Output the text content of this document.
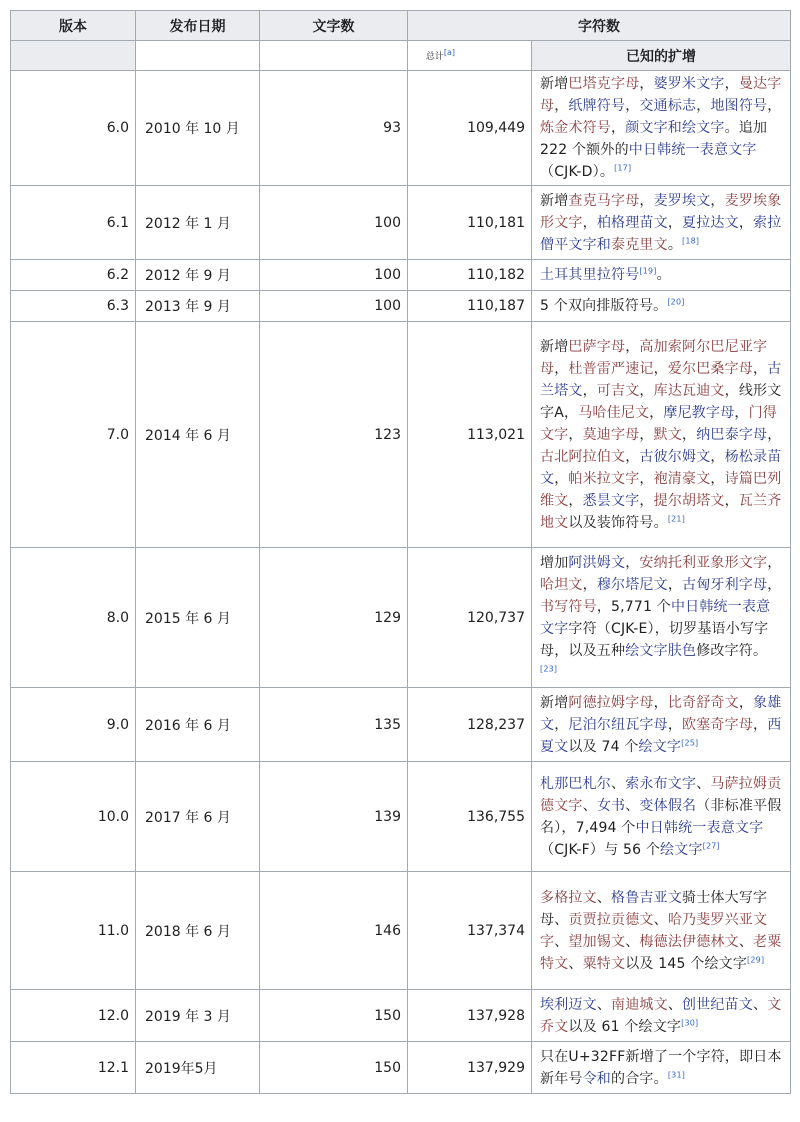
版本	发布日期	文字数	字符数	
			总计[a]	已知的扩增
6.0	2010 年 10 月	93	109,449	新增巴塔克字母，婆罗米文字，曼达字母，纸牌符号，交通标志，地图符号，炼金术符号，颜文字和绘文字。追加 222 个额外的中日韩统一表意文字（CJK-D）。[17]
6.1	2012 年 1 月	100	110,181	新增查克马字母，麦罗埃文，麦罗埃象形文字，柏格理苗文，夏拉达文，索拉僧平文字和泰克里文。[18]
6.2	2012 年 9 月	100	110,182	土耳其里拉符号[19]。
6.3	2013 年 9 月	100	110,187	5 个双向排版符号。[20]
7.0	2014 年 6 月	123	113,021	新增巴萨字母，高加索阿尔巴尼亚字母，杜普雷严速记，爱尔巴桑字母，古兰塔文，可吉文，库达瓦迪文，线形文字A，马哈佳尼文，摩尼教字母，门得文字，莫迪字母，默文，纳巴泰字母，古北阿拉伯文，古彼尔姆文，杨松录苗文，帕米拉文字，袍清豪文，诗篇巴列维文，悉昙文字，提尔胡塔文，瓦兰齐地文以及装饰符号。[21]
8.0	2015 年 6 月	129	120,737	增加阿洪姆文，安纳托利亚象形文字，哈坦文，穆尔塔尼文，古匈牙利字母，书写符号，5,771 个中日韩统一表意文字字符（CJK-E），切罗基语小写字母，以及五种绘文字肤色修改字符。[23]
9.0	2016 年 6 月	135	128,237	新增阿德拉姆字母，比奇舒奇文，象雄文，尼泊尔纽瓦字母，欧塞奇字母，西夏文以及 74 个绘文字[25]
10.0	2017 年 6 月	139	136,755	札那巴札尔、索永布文字、马萨拉姆贡德文字、女书、变体假名（非标准平假名），7,494 个中日韩统一表意文字（CJK-F）与 56 个绘文字[27]
11.0	2018 年 6 月	146	137,374	多格拉文、格鲁吉亚文骑士体大写字母、贡贾拉贡德文、哈乃斐罗兴亚文字、望加锡文、梅德法伊德林文、老粟特文、粟特文以及 145 个绘文字[29]
12.0	2019 年 3 月	150	137,928	埃利迈文、南迪城文、创世纪苗文、文乔文以及 61 个绘文字[30]
12.1	2019年5月	150	137,929	只在U+32FF新增了一个字符，即日本新年号令和的合字。[31]
